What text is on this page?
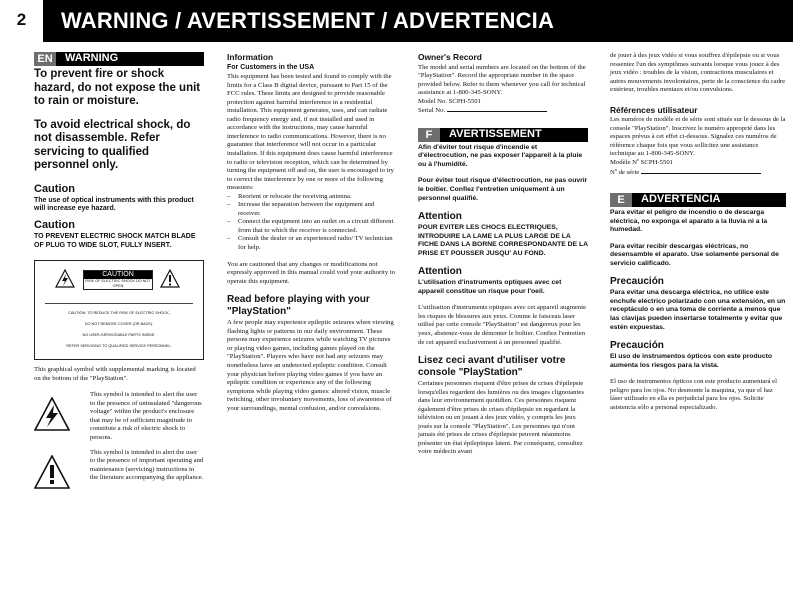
2	WARNING / AVERTISSEMENT / ADVERTENCIA
EN	WARNING
To prevent fire or shock hazard, do not expose the unit to rain or moisture.
To avoid electrical shock, do not disassemble. Refer servicing to qualified personnel only.
Caution
The use of optical instruments with this product will increase eye hazard.
Caution
TO PREVENT ELECTRIC SHOCK MATCH BLADE OF PLUG TO WIDE SLOT, FULLY INSERT.
CAUTION
RISK OF ELECTRIC SHOCK DO NOT OPEN
CAUTION: TO REDUCE THE RISK OF ELECTRIC SHOCK,
DO NOT REMOVE COVER (OR BACK).
NO USER-SERVICEABLE PARTS INSIDE.
REFER SERVICING TO QUALIFIED SERVICE PERSONNEL.
This graphical symbol with supplemental marking is located on the bottom of the "PlayStation".
This symbol is intended to alert the user to the presence of uninsulated "dangerous voltage" within the product's enclosure that may be of sufficient magnitude to constitute a risk of electric shock to persons.
This symbol is intended to alert the user to the presence of important operating and maintenance (servicing) instructions in the literature accompanying the appliance.
Information
For Customers in the USA
This equipment has been tested and found to comply with the limits for a Class B digital device, pursuant to Part 15 of the FCC rules. These limits are designed to provide reasonable protection against harmful interference in a residential installation. This equipment generates, uses, and can radiate radio frequency energy and, if not installed and used in accordance with the instructions, may cause harmful interference to radio communications. However, there is no guarantee that interference will not occur in a particular installation. If this equipment does cause harmful interference to radio or television reception, which can be determined by turning the equipment off and on, the user is encouraged to try to correct the interference by one or more of the following measures:
– Reorient or relocate the receiving antenna.
– Increase the separation between the equipment and receiver.
– Connect the equipment into an outlet on a circuit different from that to which the receiver is connected.
– Consult the dealer or an experienced radio/ TV technician for help.
You are cautioned that any changes or modifications not expressly approved in this manual could void your authority to operate this equipment.
Read before playing with your "PlayStation"
A few people may experience epileptic seizures when viewing flashing lights or patterns in our daily environment. These persons may experience seizures while watching TV pictures or playing video games, including games played on the "PlayStation". Players who have not had any seizures may nonetheless have an undetected epileptic condition. Consult your physician before playing video games if you have an epileptic condition or experience any of the following symptoms while playing video games: altered vision, muscle twitching, other involuntary movements, loss of awareness of your surroundings, mental confusion, and/or convulsions.
Owner's Record
The model and serial numbers are located on the bottom of the "PlayStation". Record the appropriate number in the space provided below. Refer to them whenever you call for technical assistance at 1-800-345-SONY.
Model No. SCPH-5501
Serial No.
F	AVERTISSEMENT
Afin d'éviter tout risque d'incendie et d'électrocution, ne pas exposer l'appareil à la pluie ou à l'humidité.
Pour éviter tout risque d'électrocution, ne pas ouvrir le boîtier. Confiez l'entretien uniquement à un personnel qualifié.
Attention
POUR EVITER LES CHOCS ELECTRIQUES, INTRODUIRE LA LAME LA PLUS LARGE DE LA FICHE DANS LA BORNE CORRESPONDANTE DE LA PRISE ET POUSSER JUSQU' AU FOND.
Attention
L'utilisation d'instruments optiques avec cet appareil constitue un risque pour l'oeil.
L'utilisation d'instruments optiques avec cet appareil augmente les risques de blessures aux yeux. Comme le faisceau laser utilisé par cette console "PlayStation" est dangereux pour les yeux, abstenez-vous de démonter le boîtier. Confiez l'entretien de cet appareil exclusivement à un personnel qualifié.
Lisez ceci avant d'utiliser votre console "PlayStation"
Certaines personnes risquent d'être prises de crises d'épilepsie lorsqu'elles regardent des lumières ou des images clignotantes dans leur environnement quotidien. Ces personnes risquent également d'être prises de crises d'épilepsie en regardant la télévision ou en jouant à des jeux vidéo, y compris les jeux joués sur la console "PlayStation". Les personnes qui n'ont jamais été prises de crises d'épilepsie peuvent néanmoins présenter un état épileptique latent. Par conséquent, consultez votre médecin avant
de jouer à des jeux vidéo si vous souffrez d'épilepsie ou si vous ressentez l'un des symptômes suivants lorsque vous jouez à des jeux vidéo : troubles de la vision, contractions musculaires et autres mouvements involontaires, perte de la conscience du cadre extérieur, troubles mentaux et/ou convulsions.
Références utilisateur
Les numéros de modèle et de série sont situés sur le dessous de la console "PlayStation". Inscrivez le numéro approprié dans les espaces prévus à cet effet ci-dessous. Signalez ces numéros de référence chaque fois que vous sollicitez une assistance technique au 1-800-345-SONY.
Modèle Nº SCPH-5501
Nº de série
E	ADVERTENCIA
Para evitar el peligro de incendio o de descarga eléctrica, no exponga el aparato a la lluvia ni a la humedad.
Para evitar recibir descargas eléctricas, no desensamble el aparato. Use solamente personal de servicio calificado.
Precaución
Para evitar una descarga eléctrica, no utilice este enchufe eléctrico polarizado con una extensión, en un receptáculo o en una toma de corriente a menos que las clavijas pueden insertarse totalmente y evitar que estén expuestas.
Precaución
El uso de instrumentos ópticos con este producto aumenta los riesgos para la vista.
El uso de instrumentos ópticos con este producto aumentará el peligro para los ojos. No desmonte la maquina, ya que el haz láser utilizado en ella es perjudicial para los ojos. Solicite asistencia sólo a personal especializado.
